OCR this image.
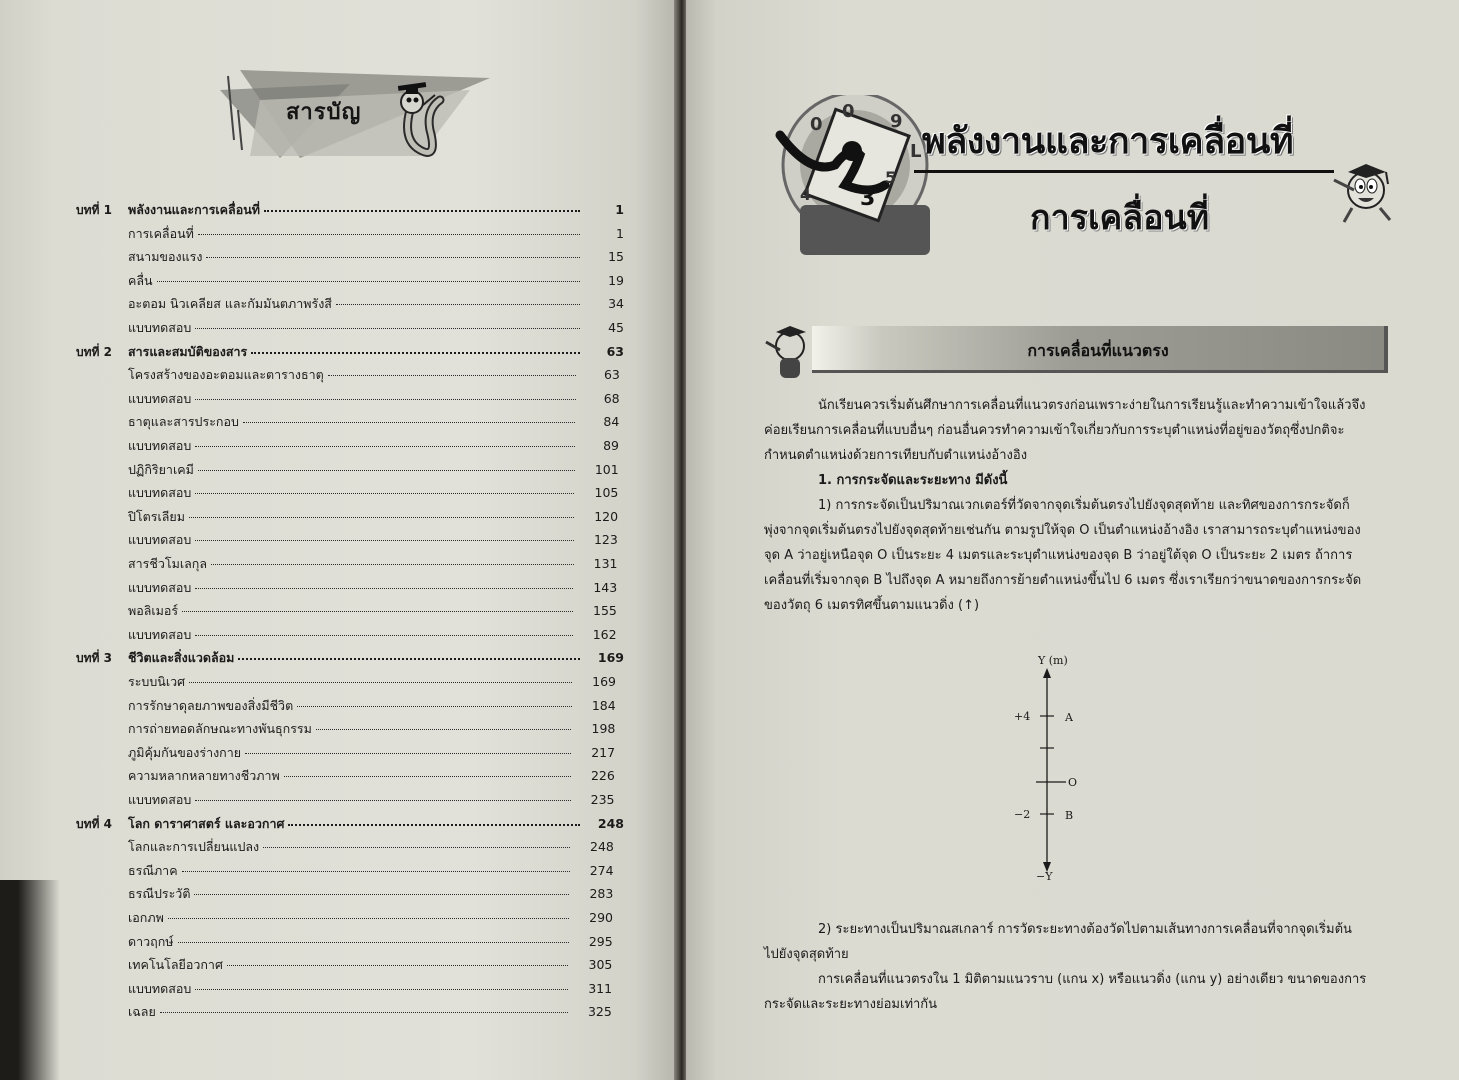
สารบัญ
บทที่ 1 พลังงานและการเคลื่อนที่	1
การเคลื่อนที่	1
สนามของแรง	15
คลื่น	19
อะตอม นิวเคลียส และกัมมันตภาพรังสี	34
แบบทดสอบ	45
บทที่ 2 สารและสมบัติของสาร	63
โครงสร้างของอะตอมและตารางธาตุ	63
แบบทดสอบ	68
ธาตุและสารประกอบ	84
แบบทดสอบ	89
ปฏิกิริยาเคมี	101
แบบทดสอบ	105
ปิโตรเลียม	120
แบบทดสอบ	123
สารชีวโมเลกุล	131
แบบทดสอบ	143
พอลิเมอร์	155
แบบทดสอบ	162
บทที่ 3 ชีวิตและสิ่งแวดล้อม	169
ระบบนิเวศ	169
การรักษาดุลยภาพของสิ่งมีชีวิต	184
การถ่ายทอดลักษณะทางพันธุกรรม	198
ภูมิคุ้มกันของร่างกาย	217
ความหลากหลายทางชีวภาพ	226
แบบทดสอบ	235
บทที่ 4 โลก ดาราศาสตร์ และอวกาศ	248
โลกและการเปลี่ยนแปลง	248
ธรณีภาค	274
ธรณีประวัติ	283
เอกภพ	290
ดาวฤกษ์	295
เทคโนโลยีอวกาศ	305
แบบทดสอบ	311
เฉลย	325
0
0 9
L
5
4 3
พลังงานและการเคลื่อนที่
การเคลื่อนที่
การเคลื่อนที่แนวตรง
นักเรียนควรเริ่มต้นศึกษาการเคลื่อนที่แนวตรงก่อนเพราะง่ายในการเรียนรู้และทำความเข้าใจแล้วจึง
ค่อยเรียนการเคลื่อนที่แบบอื่นๆ ก่อนอื่นควรทำความเข้าใจเกี่ยวกับการระบุตำแหน่งที่อยู่ของวัตถุซึ่งปกติจะ
กำหนดตำแหน่งด้วยการเทียบกับตำแหน่งอ้างอิง
1. การกระจัดและระยะทาง มีดังนี้
1) การกระจัดเป็นปริมาณเวกเตอร์ที่วัดจากจุดเริ่มต้นตรงไปยังจุดสุดท้าย และทิศของการกระจัดก็
พุ่งจากจุดเริ่มต้นตรงไปยังจุดสุดท้ายเช่นกัน ตามรูปให้จุด O เป็นตำแหน่งอ้างอิง เราสามารถระบุตำแหน่งของ
จุด A ว่าอยู่เหนือจุด O เป็นระยะ 4 เมตรและระบุตำแหน่งของจุด B ว่าอยู่ใต้จุด O เป็นระยะ 2 เมตร ถ้าการ
เคลื่อนที่เริ่มจากจุด B ไปถึงจุด A หมายถึงการย้ายตำแหน่งขึ้นไป 6 เมตร ซึ่งเราเรียกว่าขนาดของการกระจัด
ของวัตถุ 6 เมตรทิศขึ้นตามแนวดิ่ง (↑)
Y (m)
−Y
+4
−2
A
O
B
2) ระยะทางเป็นปริมาณสเกลาร์ การวัดระยะทางต้องวัดไปตามเส้นทางการเคลื่อนที่จากจุดเริ่มต้น
ไปยังจุดสุดท้าย
การเคลื่อนที่แนวตรงใน 1 มิติตามแนวราบ (แกน x) หรือแนวดิ่ง (แกน y) อย่างเดียว ขนาดของการ
กระจัดและระยะทางย่อมเท่ากัน
